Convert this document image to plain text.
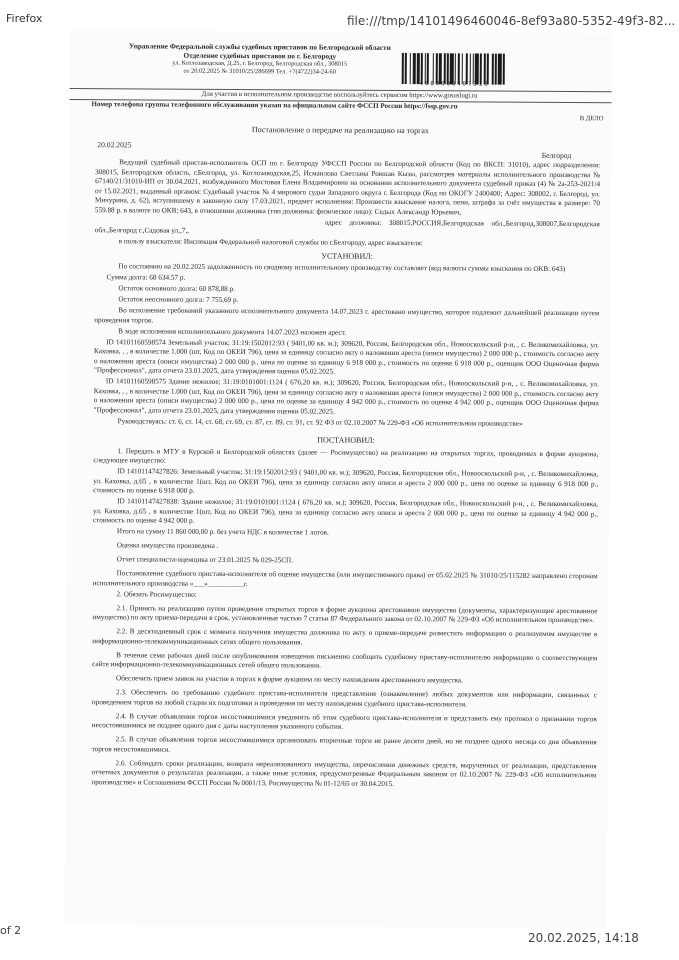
Firefox	file:///tmp/14101496460046-8ef93a80-5352-49f3-82...
Управление Федеральной службы судебных приставов по Белгородской области
Отделение судебных приставов по г. Белгороду
ул. Котлозаводская, Д.25, г. Белгород, Белгородская обл., 308015
от 20.02.2025 № 31010/25/286699 Тел. +7(4722)34-24-60
4964600487310
Для участия в исполнительном производстве воспользуйтесь сервисом https://www.gosuslugi.ru
Номер телефона группы телефонного обслуживания указан на официальном сайте ФССП России https://fssp.gov.ru
В ДЕЛО
Постановление о передаче на реализацию на торгах
20.02.2025
Белгород

Ведущий судебный пристав-исполнитель ОСП по г. Белгороду УФССП России по Белгородской области (Код по ВКСП: 31010), адрес подразделения: 308015, Белгородская область, г.Белгород, ул. Котлозаводская,25, Исмаилова Светлана Ровшан Кызы, рассмотрев материалы исполнительного производства № 67140/21/31010-ИП от 30.04.2021, возбужденного Мостовая Елена Владимировна на основании исполнительного документа судебный приказ (4) № 2а-253-2021/4 от 15.02.2021, выданный органом: Судебный участок № 4 мирового судьи Западного округа г. Белгорода (Код по ОКОГУ 2400400; Адрес: 308002, г. Белгород, ул. Мичурина, д. 62), вступившему в законную силу 17.03.2021, предмет исполнения: Произвести взыскание налога, пени, штрафа за счёт имущества в размере: 70 559.88 р. в валюте по ОКВ: 643, в отношении должника (тип должника: физическое лицо): Седых Александр Юрьевич,

адрес должника: 308015,РОССИЯ,Белгородская обл.,Белгород,308007,Белгородская обл.,Белгород г.,Садовая ул.,7,,

в пользу взыскателя: Инспекция Федеральной налоговой службы по г.Белгороду, адрес взыскателя:

УСТАНОВИЛ:

По состоянию на 20.02.2025 задолженность по сводному исполнительному производству составляет (код валюты суммы взыскания по ОКВ: 643)

Сумма долга: 68 634.57 р.

Остаток основного долга: 60 878,88 р.

Остаток неосновного долга: 7 755,69 р.

Во исполнение требований указанного исполнительного документа 14.07.2023 г. арестовано имущество, которое подлежит дальнейшей реализации путем проведения торгов.

В ходе исполнения исполнительного документа 14.07.2023 наложен арест.

ID 14101160598574 Земельный участок; 31:19:1502012:93 ( 9401,00 кв. м.); 309620, Россия, Белгородская обл., Новооскольский р-н, , с. Великомихайловка, ул. Каховка, , , в количестве 1.000 (шт, Код по ОКЕИ 796), цена за единицу согласно акту о наложении ареста (описи имущества) 2 000 000 р., стоимость согласно акту о наложении ареста (описи имущества) 2 000 000 р., цена по оценке за единицу 6 918 000 р., стоимость по оценке 6 918 000 р., оценщик ООО Оценочная фирма "Профессионал", дата отчета 23.01.2025, дата утверждения оценки 05.02.2025.

ID 14101160598575 Здание нежилое; 31:19:0101001:1124 ( 676,20 кв. м.); 309620, Россия, Белгородская обл., Новооскольский р-н, , с. Великомихайловка, ул. Каховка, , , в количестве 1.000 (шт, Код по ОКЕИ 796), цена за единицу согласно акту о наложении ареста (описи имущества) 2 000 000 р., стоимость согласно акту о наложении ареста (описи имущества) 2 000 000 р., цена по оценке за единицу 4 942 000 р., стоимость по оценке 4 942 000 р., оценщик ООО Оценочная фирма "Профессионал", дата отчета 23.01.2025, дата утверждения оценки 05.02.2025.

Руководствуясь: ст. 6, ст. 14, ст. 68, ст. 69, ст. 87, ст. 89, ст. 91, ст. 92 ФЗ от 02.10.2007 № 229-ФЗ «Об исполнительном производстве»

ПОСТАНОВИЛ:

1. Передать в МТУ в Курской и Белгородской областях (далее — Росимущество) на реализацию на открытых торгах, проводимых в форме аукциона, следующее имущество:

ID 14101147427826: Земельный участок; 31:19:1502012:93 ( 9401,00 кв. м.); 309620, Россия, Белгородская обл., Новооскольский р-н, , с. Великомихайловка, ул. Каховка, д.65 , в количестве 1(шт, Код по ОКЕИ 796), цена за единицу согласно акту описи и ареста 2 000 000 р., цена по оценке за единицу 6 918 000 р., стоимость по оценке 6 918 000 р.

ID 14101147427838: Здание нежилое; 31:19:0101001:1124 ( 676,20 кв. м.); 309620, Россия, Белгородская обл., Новооскольский р-н, , с. Великомихайловка, ул. Каховка, д.65 , в количестве 1(шт, Код по ОКЕИ 796), цена за единицу согласно акту описи и ареста 2 000 000 р., цена по оценке за единицу 4 942 000 р., стоимость по оценке 4 942 000 р.

Итого на сумму 11 860 000,00 р. без учета НДС в количестве 1 лотов.

Оценка имущества произведена .

Отчет специалиста-оценщика от 23.01.2025 № 029-25СП.

Постановление судебного пристава-исполнителя об оценке имущества (или имущественного права) от 05.02.2025 № 31010/25/115282 направлено сторонам исполнительного производства «___»__________г.

2. Обязать Росимущество:

2.1. Принять на реализацию путем проведения открытых торгов в форме аукциона арестованное имущество (документы, характеризующие арестованное имущество) по акту приема-передачи в срок, установленные частью 7 статьи 87 Федерального закона от 02.10.2007 № 229-ФЗ «Об исполнительном производстве».

2.2. В десятидневный срок с момента получения имущества должника по акту о приеме-передаче разместить информацию о реализуемом имуществе в информационно-телекоммуникационных сетях общего пользования.

В течение семи рабочих дней после опубликования извещения письменно сообщить судебному приставу-исполнителю информацию о соответствующем сайте информационно-телекоммуникационных сетей общего пользования.

Обеспечить прием заявок на участие в торгах в форме аукциона по месту нахождения арестованного имущества.

2.3. Обеспечить по требованию судебного пристава-исполнителя представление (ознакомление) любых документов или информации, связанных с проведением торгов на любой стадии их подготовки и проведения по месту нахождения судебного пристава-исполнителя.

2.4. В случае объявления торгов несостоявшимися уведомить об этом судебного пристава-исполнителя и представить ему протокол о признании торгов несостоявшимися не позднее одного дня с даты наступления указанного события.

2.5. В случае объявления торгов несостоявшимися организовать вторичные торги не ранее десяти дней, но не позднее одного месяца со дня объявления торгов несостоявшимися.

2.6. Соблюдать сроки реализации, возврата нереализованного имущества, перечисления денежных средств, вырученных от реализации, представления отчетных документов о результатах реализации, а также иные условия, предусмотренные Федеральным законом от 02.10.2007 № 229-ФЗ «Об исполнительном производстве» и Соглашением ФССП России № 0001/13, Росимущества № 01-12/65 от 30.04.2015.

of 2
20.02.2025, 14:18
